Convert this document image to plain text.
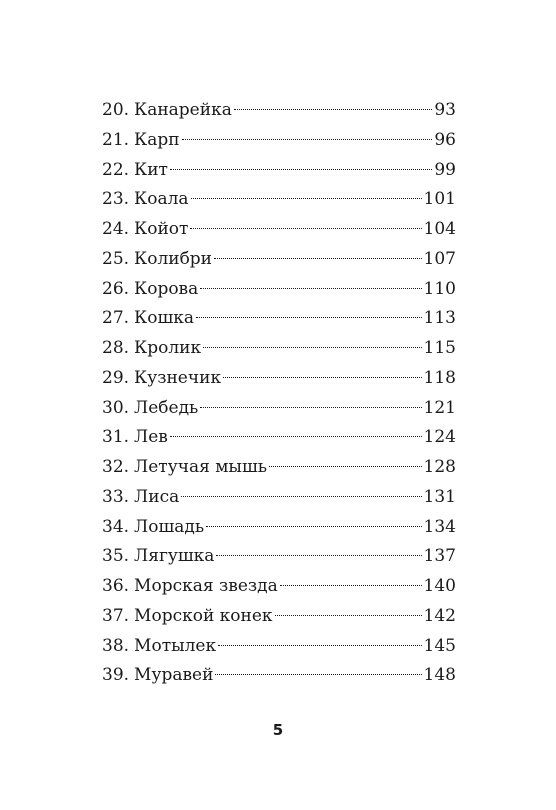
20. Канарейка	93
21. Карп	96
22. Кит	99
23. Коала	101
24. Койот	104
25. Колибри	107
26. Корова	110
27. Кошка	113
28. Кролик	115
29. Кузнечик	118
30. Лебедь	121
31. Лев	124
32. Летучая мышь	128
33. Лиса	131
34. Лошадь	134
35. Лягушка	137
36. Морская звезда	140
37. Морской конек	142
38. Мотылек	145
39. Муравей	148
5
